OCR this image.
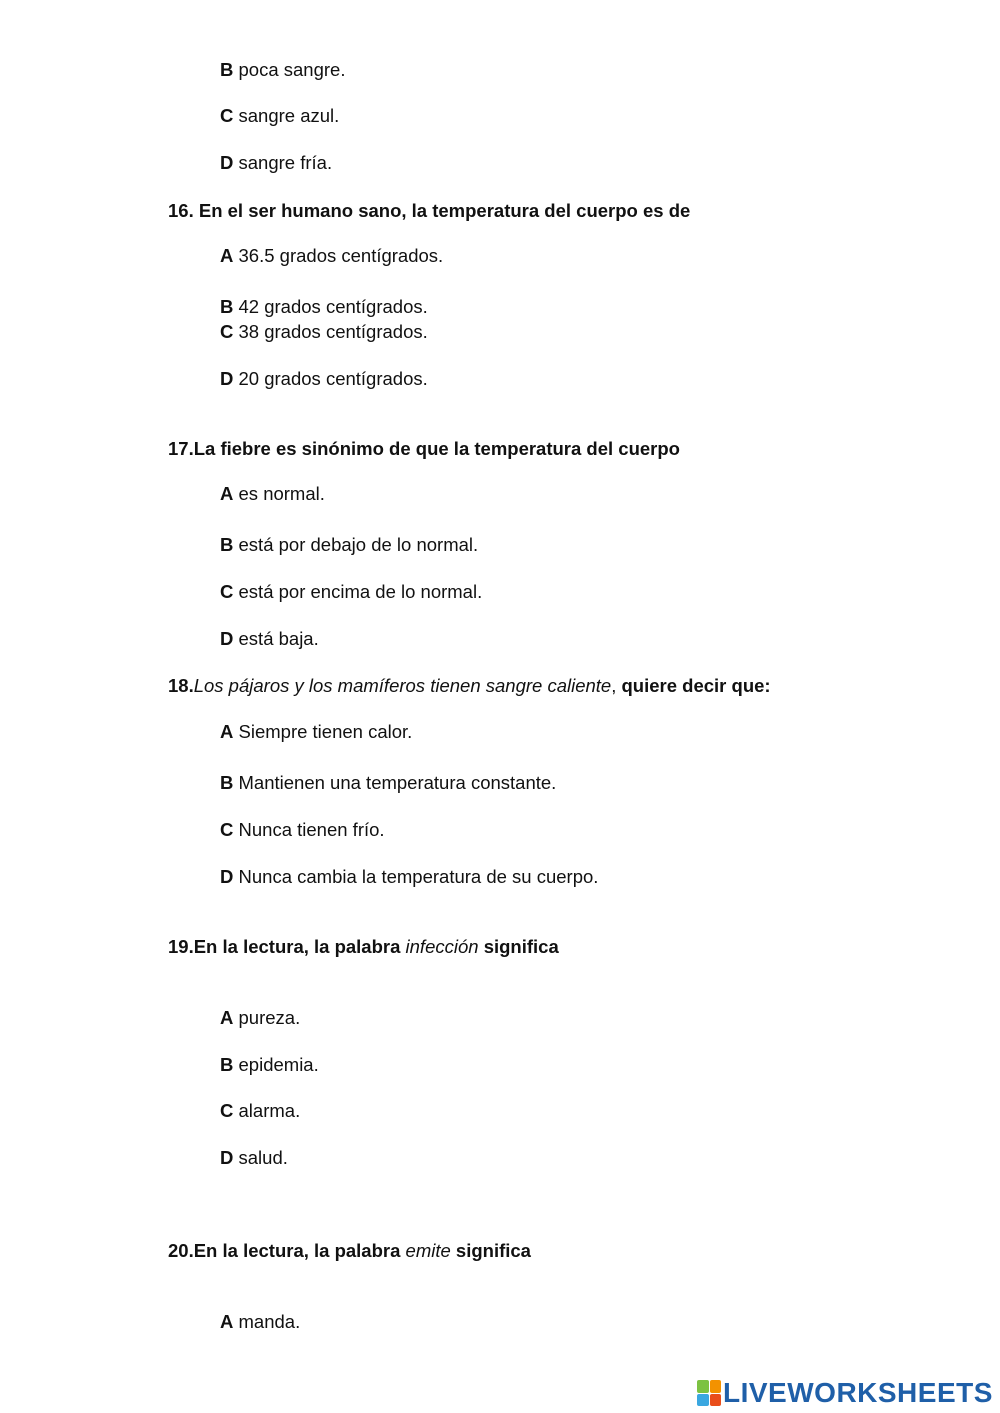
B poca sangre.
C sangre azul.
D sangre fría.
16. En el ser humano sano, la temperatura del cuerpo es de
A 36.5 grados centígrados.
B 42 grados centígrados.
C 38 grados centígrados.
D 20 grados centígrados.
17.La fiebre es sinónimo de que la temperatura del cuerpo
A es normal.
B está por debajo de lo normal.
C está por encima de lo normal.
D está baja.
18.Los pájaros y los mamíferos tienen sangre caliente, quiere decir que:
A Siempre tienen calor.
B Mantienen una temperatura constante.
C Nunca tienen frío.
D Nunca cambia la temperatura de su cuerpo.
19.En la lectura, la palabra infección significa
A pureza.
B epidemia.
C alarma.
D salud.
20.En la lectura, la palabra emite significa
A manda.
LIVEWORKSHEETS
